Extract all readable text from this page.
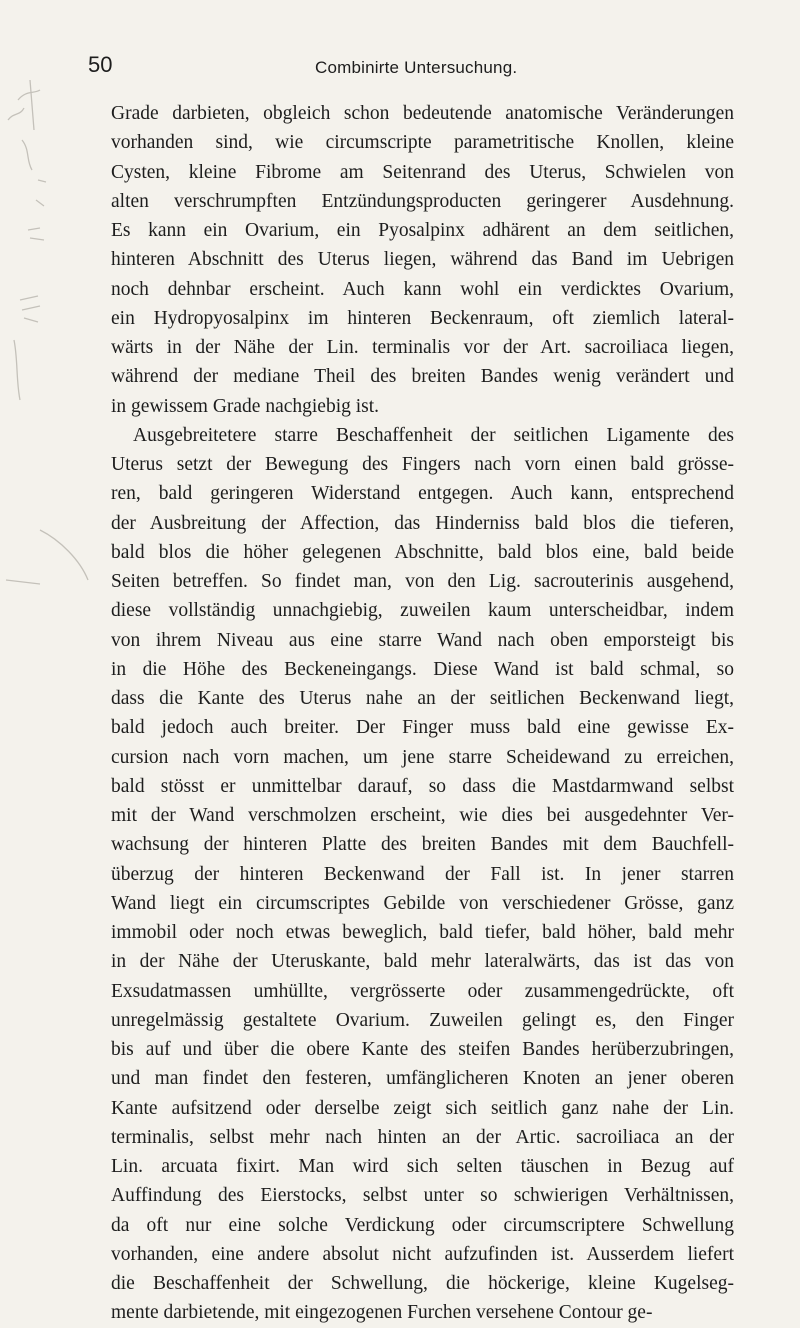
50	Combinirte Untersuchung.
Grade darbieten, obgleich schon bedeutende anatomische Veränderungen
vorhanden sind, wie circumscripte parametritische Knollen, kleine
Cysten, kleine Fibrome am Seitenrand des Uterus, Schwielen von
alten verschrumpften Entzündungsproducten geringerer Ausdehnung.
Es kann ein Ovarium, ein Pyosalpinx adhärent an dem seitlichen,
hinteren Abschnitt des Uterus liegen, während das Band im Uebrigen
noch dehnbar erscheint. Auch kann wohl ein verdicktes Ovarium,
ein Hydropyosalpinx im hinteren Beckenraum, oft ziemlich lateral-
wärts in der Nähe der Lin. terminalis vor der Art. sacroiliaca liegen,
während der mediane Theil des breiten Bandes wenig verändert und
in gewissem Grade nachgiebig ist.
Ausgebreitetere starre Beschaffenheit der seitlichen Ligamente des
Uterus setzt der Bewegung des Fingers nach vorn einen bald grösse-
ren, bald geringeren Widerstand entgegen. Auch kann, entsprechend
der Ausbreitung der Affection, das Hinderniss bald blos die tieferen,
bald blos die höher gelegenen Abschnitte, bald blos eine, bald beide
Seiten betreffen. So findet man, von den Lig. sacrouterinis ausgehend,
diese vollständig unnachgiebig, zuweilen kaum unterscheidbar, indem
von ihrem Niveau aus eine starre Wand nach oben emporsteigt bis
in die Höhe des Beckeneingangs. Diese Wand ist bald schmal, so
dass die Kante des Uterus nahe an der seitlichen Beckenwand liegt,
bald jedoch auch breiter. Der Finger muss bald eine gewisse Ex-
cursion nach vorn machen, um jene starre Scheidewand zu erreichen,
bald stösst er unmittelbar darauf, so dass die Mastdarmwand selbst
mit der Wand verschmolzen erscheint, wie dies bei ausgedehnter Ver-
wachsung der hinteren Platte des breiten Bandes mit dem Bauchfell-
überzug der hinteren Beckenwand der Fall ist. In jener starren
Wand liegt ein circumscriptes Gebilde von verschiedener Grösse, ganz
immobil oder noch etwas beweglich, bald tiefer, bald höher, bald mehr
in der Nähe der Uteruskante, bald mehr lateralwärts, das ist das von
Exsudatmassen umhüllte, vergrösserte oder zusammengedrückte, oft
unregelmässig gestaltete Ovarium. Zuweilen gelingt es, den Finger
bis auf und über die obere Kante des steifen Bandes herüberzubringen,
und man findet den festeren, umfänglicheren Knoten an jener oberen
Kante aufsitzend oder derselbe zeigt sich seitlich ganz nahe der Lin.
terminalis, selbst mehr nach hinten an der Artic. sacroiliaca an der
Lin. arcuata fixirt. Man wird sich selten täuschen in Bezug auf
Auffindung des Eierstocks, selbst unter so schwierigen Verhältnissen,
da oft nur eine solche Verdickung oder circumscriptere Schwellung
vorhanden, eine andere absolut nicht aufzufinden ist. Ausserdem liefert
die Beschaffenheit der Schwellung, die höckerige, kleine Kugelseg-
mente darbietende, mit eingezogenen Furchen versehene Contour ge-
